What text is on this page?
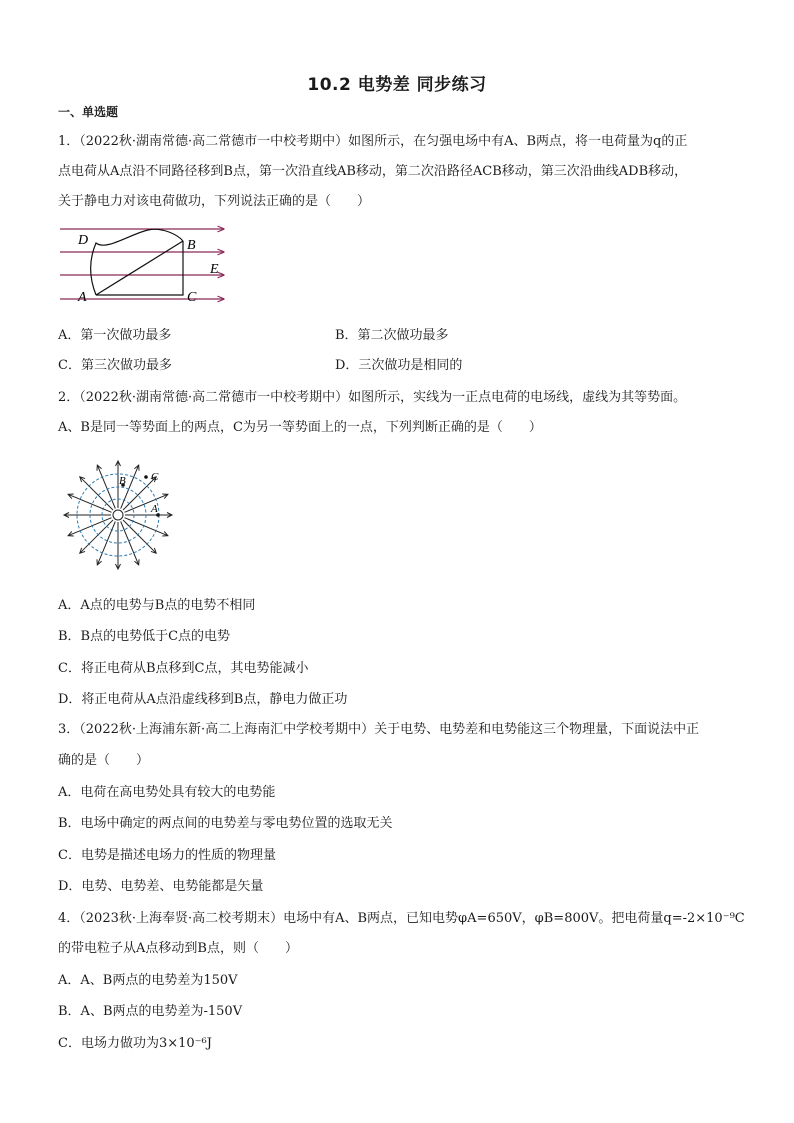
10.2 电势差 同步练习
一、单选题
1．（2022秋·湖南常德·高二常德市一中校考期中）如图所示，在匀强电场中有A、B两点，将一电荷量为q的正
点电荷从A点沿不同路径移到B点，第一次沿直线AB移动，第二次沿路径ACB移动，第三次沿曲线ADB移动，
关于静电力对该电荷做功，下列说法正确的是（　　）
D	B
E
A	C
A．第一次做功最多	B．第二次做功最多
C．第三次做功最多	D．三次做功是相同的
2．（2022秋·湖南常德·高二常德市一中校考期中）如图所示，实线为一正点电荷的电场线，虚线为其等势面。
A、B是同一等势面上的两点，C为另一等势面上的一点，下列判断正确的是（　　）
A
B C
A．A点的电势与B点的电势不相同
B．B点的电势低于C点的电势
C．将正电荷从B点移到C点，其电势能减小
D．将正电荷从A点沿虚线移到B点，静电力做正功
3．（2022秋·上海浦东新·高二上海南汇中学校考期中）关于电势、电势差和电势能这三个物理量，下面说法中正
确的是（　　）
A．电荷在高电势处具有较大的电势能
B．电场中确定的两点间的电势差与零电势位置的选取无关
C．电势是描述电场力的性质的物理量
D．电势、电势差、电势能都是矢量
4．（2023秋·上海奉贤·高二校考期末）电场中有A、B两点，已知电势φA=650V，φB=800V。把电荷量q=-2×10⁻⁹C
的带电粒子从A点移动到B点，则（　　）
A．A、B两点的电势差为150V
B．A、B两点的电势差为-150V
C．电场力做功为3×10⁻⁶J
